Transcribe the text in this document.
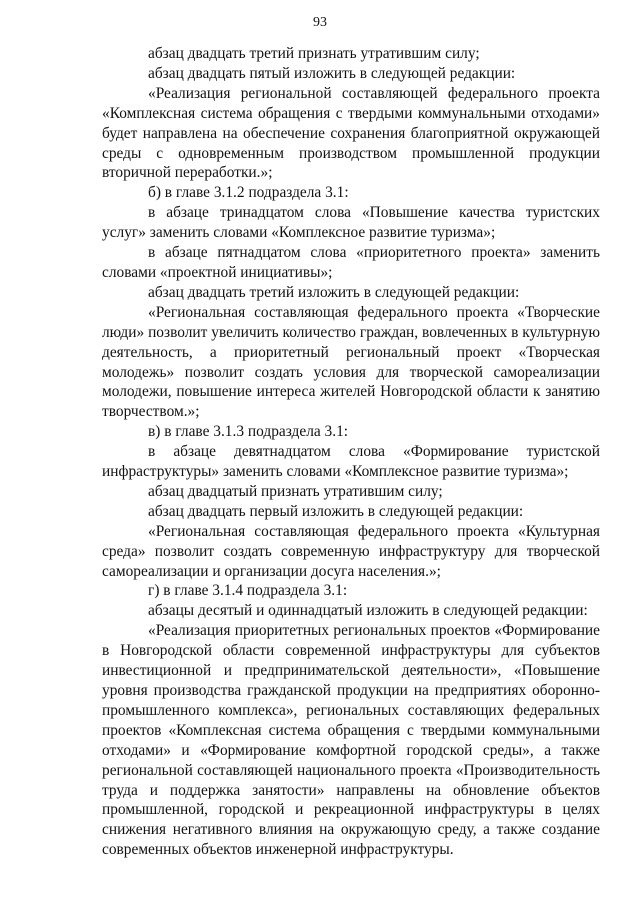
93

абзац двадцать третий признать утратившим силу;

абзац двадцать пятый изложить в следующей редакции:

«Реализация региональной составляющей федерального проекта «Комплексная система обращения с твердыми коммунальными отходами» будет направлена на обеспечение сохранения благоприятной окружающей среды с одновременным производством промышленной продукции вторичной переработки.»;

б) в главе 3.1.2 подраздела 3.1:

в абзаце тринадцатом слова «Повышение качества туристских услуг» заменить словами «Комплексное развитие туризма»;

в абзаце пятнадцатом слова «приоритетного проекта» заменить словами «проектной инициативы»;

абзац двадцать третий изложить в следующей редакции:

«Региональная составляющая федерального проекта «Творческие люди» позволит увеличить количество граждан, вовлеченных в культурную деятельность, а приоритетный региональный проект «Творческая молодежь» позволит создать условия для творческой самореализации молодежи, повышение интереса жителей Новгородской области к занятию творчеством.»;

в) в главе 3.1.3 подраздела 3.1:

в абзаце девятнадцатом слова «Формирование туристской инфраструктуры» заменить словами «Комплексное развитие туризма»;

абзац двадцатый признать утратившим силу;

абзац двадцать первый изложить в следующей редакции:

«Региональная составляющая федерального проекта «Культурная среда» позволит создать современную инфраструктуру для творческой самореализации и организации досуга населения.»;

г) в главе 3.1.4 подраздела 3.1:

абзацы десятый и одиннадцатый изложить в следующей редакции:

«Реализация приоритетных региональных проектов «Формирование в Новгородской области современной инфраструктуры для субъектов инвестиционной и предпринимательской деятельности», «Повышение уровня производства гражданской продукции на предприятиях оборонно-промышленного комплекса», региональных составляющих федеральных проектов «Комплексная система обращения с твердыми коммунальными отходами» и «Формирование комфортной городской среды», а также региональной составляющей национального проекта «Производительность труда и поддержка занятости» направлены на обновление объектов промышленной, городской и рекреационной инфраструктуры в целях снижения негативного влияния на окружающую среду, а также создание современных объектов инженерной инфраструктуры.
